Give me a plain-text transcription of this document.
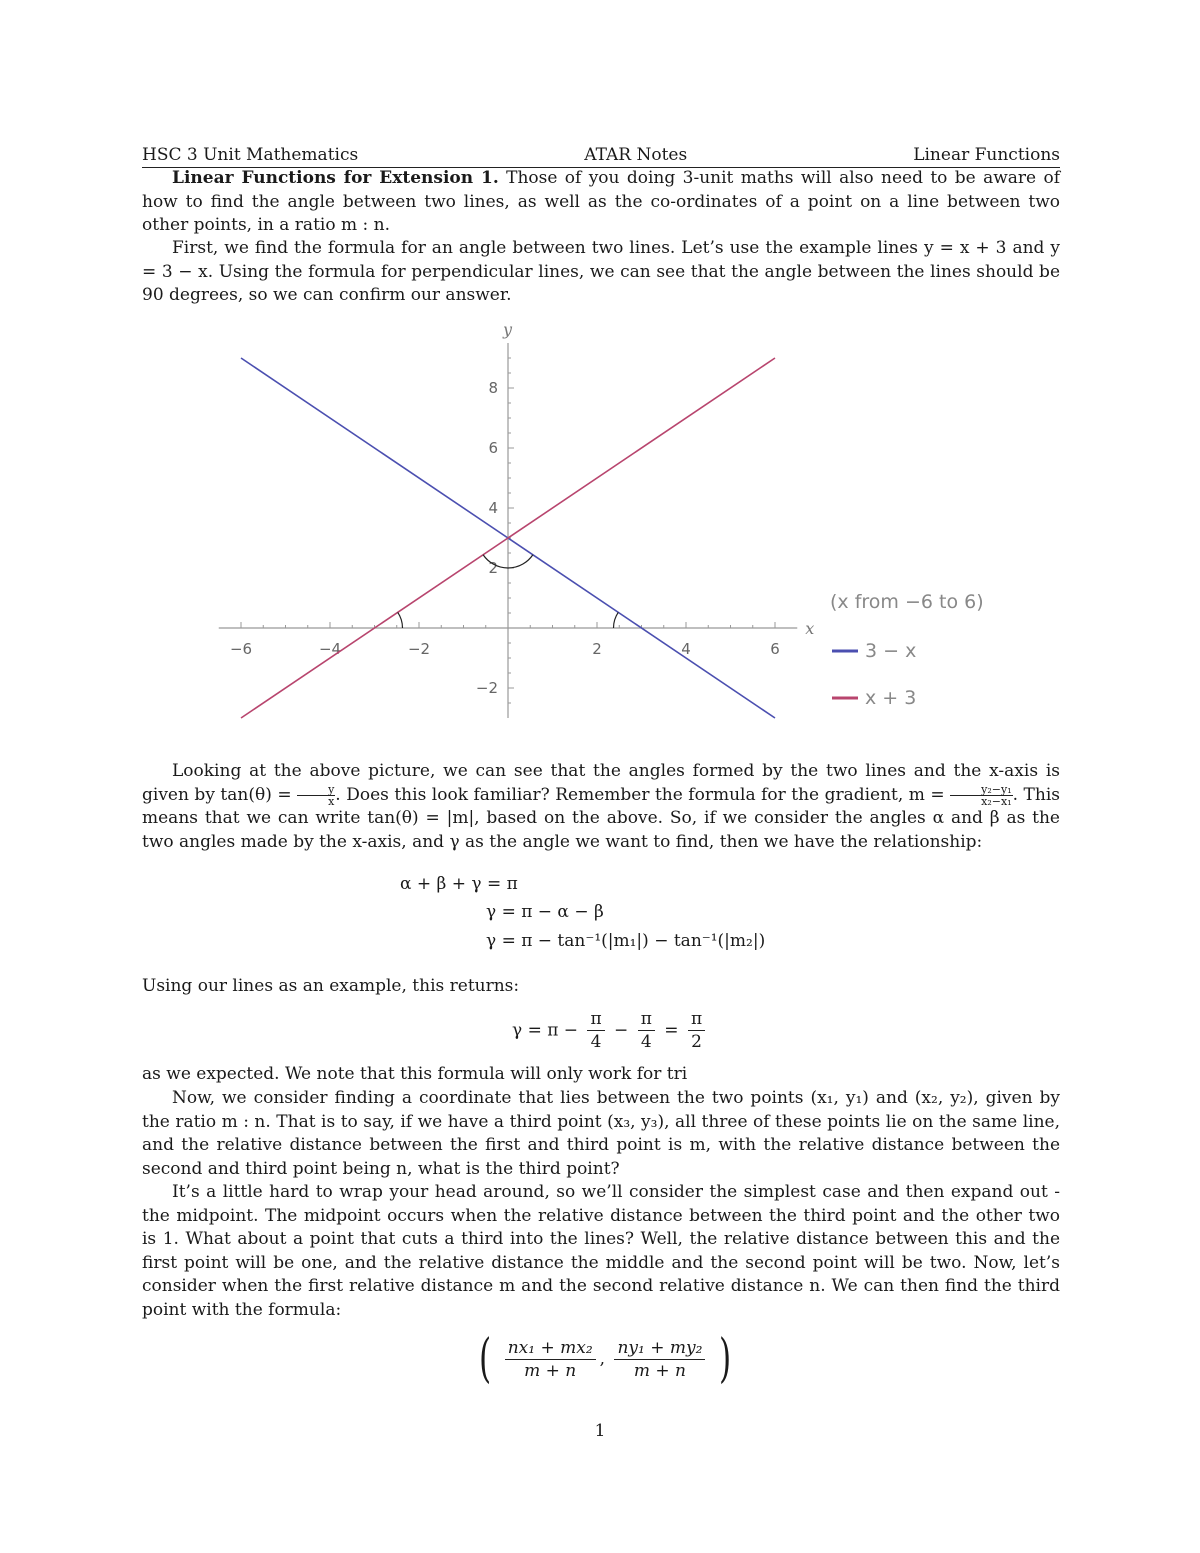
HSC 3 Unit Mathematics	ATAR Notes	Linear Functions

Linear Functions for Extension 1. Those of you doing 3-unit maths will also need to be aware of how to find the angle between two lines, as well as the co-ordinates of a point on a line between two other points, in a ratio m : n.

First, we find the formula for an angle between two lines. Let’s use the example lines y = x + 3 and y = 3 − x. Using the formula for perpendicular lines, we can see that the angle between the lines should be 90 degrees, so we can confirm our answer.

x
y
−6	−4	−2	2	4	6
−2
2
4
6
8
(x from −6 to 6)
3 − x
x + 3

Looking at the above picture, we can see that the angles formed by the two lines and the x-axis is given by $\tan(\theta) = \frac{y}{x}$ . Does this look familiar? Remember the formula for the gradient, $m = \frac{\text{y₂−y₁}}{\text{x₂−x₁}}$ . This means that we can write tan(θ) = |m|, based on the above. So, if we consider the angles α and β as the two angles made by the x-axis, and γ as the angle we want to find, then we have the relationship:

α + β + γ = π
γ = π − α − β
γ = π − tan⁻¹(|m₁|) − tan⁻¹(|m₂|)

Using our lines as an example, this returns:

$\gamma = \pi - \frac{\pi}{4} - \frac{\pi}{4} = \frac{\pi}{2}$

as we expected. We note that this formula will only work for tri

Now, we consider finding a coordinate that lies between the two points (x₁, y₁) and (x₂, y₂), given by the ratio m : n. That is to say, if we have a third point (x₃, y₃), all three of these points lie on the same line, and the relative distance between the first and third point is m, with the relative distance between the second and third point being n, what is the third point?

It’s a little hard to wrap your head around, so we’ll consider the simplest case and then expand out - the midpoint. The midpoint occurs when the relative distance between the third point and the other two is 1. What about a point that cuts a third into the lines? Well, the relative distance between this and the first point will be one, and the relative distance the middle and the second point will be two. Now, let’s consider when the first relative distance m and the second relative distance n. We can then find the third point with the formula:

( $\frac{\text{nx₁ + mx₂}}{m + n}$ , $\frac{\text{ny₁ + my₂}}{m + n}$ )
1
